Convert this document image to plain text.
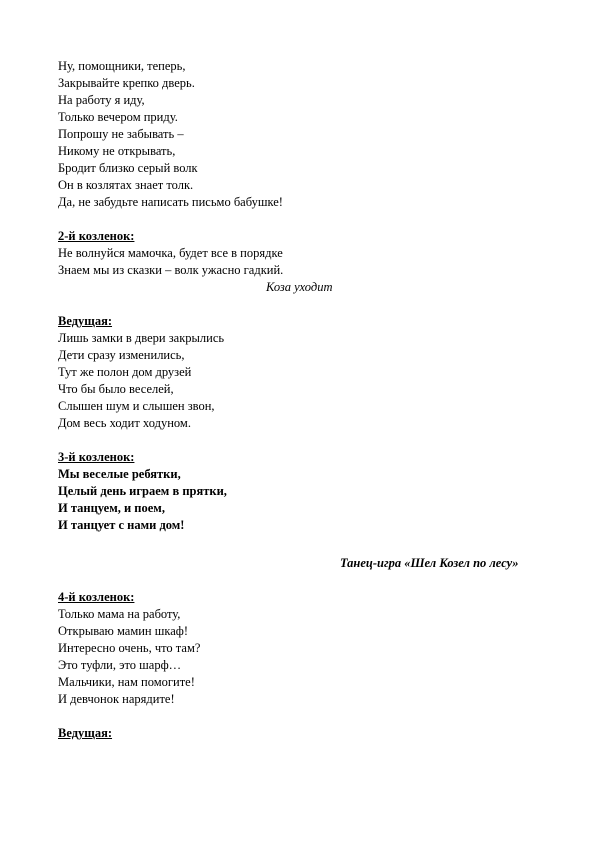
Ну, помощники, теперь,
Закрывайте крепко дверь.
На работу я иду,
Только вечером приду.
Попрошу не забывать –
Никому не открывать,
Бродит близко серый волк
Он в козлятах знает толк.
Да, не забудьте написать письмо бабушке!
2-й козленок:
Не волнуйся мамочка, будет все в порядке
Знаем мы из сказки – волк ужасно гадкий.
Коза уходит
Ведущая:
Лишь замки в двери закрылись
Дети сразу изменились,
Тут же полон дом друзей
Что бы было веселей,
Слышен шум и слышен звон,
Дом весь ходит ходуном.
3-й козленок:
Мы веселые ребятки,
Целый день играем в прятки,
И танцуем, и поем,
И танцует с нами дом!
Танец-игра «Шел Козел по лесу»
4-й козленок:
Только мама на работу,
Открываю мамин шкаф!
Интересно очень, что там?
Это туфли, это шарф…
Мальчики, нам помогите!
И девчонок нарядите!
Ведущая:
